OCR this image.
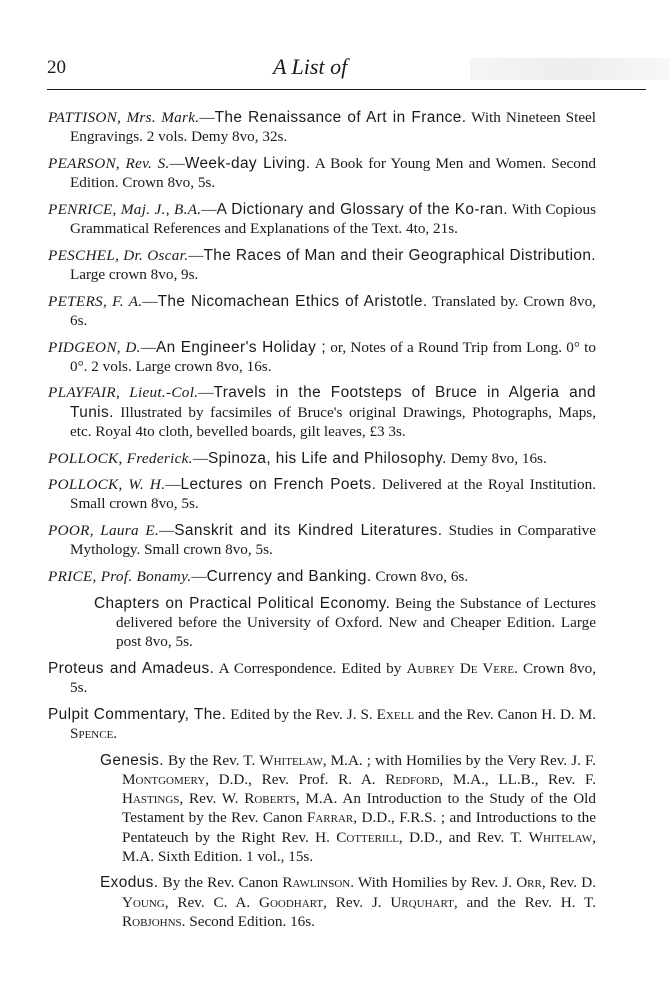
20	A List of

PATTISON, Mrs. Mark.—The Renaissance of Art in France. With Nineteen Steel Engravings. 2 vols. Demy 8vo, 32s.

PEARSON, Rev. S.—Week-day Living. A Book for Young Men and Women. Second Edition. Crown 8vo, 5s.

PENRICE, Maj. J., B.A.—A Dictionary and Glossary of the Ko-ran. With Copious Grammatical References and Explanations of the Text. 4to, 21s.

PESCHEL, Dr. Oscar.—The Races of Man and their Geographical Distribution. Large crown 8vo, 9s.

PETERS, F. A.—The Nicomachean Ethics of Aristotle. Translated by. Crown 8vo, 6s.

PIDGEON, D.—An Engineer's Holiday ; or, Notes of a Round Trip from Long. 0° to 0°. 2 vols. Large crown 8vo, 16s.

PLAYFAIR, Lieut.-Col.—Travels in the Footsteps of Bruce in Algeria and Tunis. Illustrated by facsimiles of Bruce's original Drawings, Photographs, Maps, etc. Royal 4to cloth, bevelled boards, gilt leaves, £3 3s.

POLLOCK, Frederick.—Spinoza, his Life and Philosophy. Demy 8vo, 16s.

POLLOCK, W. H.—Lectures on French Poets. Delivered at the Royal Institution. Small crown 8vo, 5s.

POOR, Laura E.—Sanskrit and its Kindred Literatures. Studies in Comparative Mythology. Small crown 8vo, 5s.

PRICE, Prof. Bonamy.—Currency and Banking. Crown 8vo, 6s.

Chapters on Practical Political Economy. Being the Substance of Lectures delivered before the University of Oxford. New and Cheaper Edition. Large post 8vo, 5s.

Proteus and Amadeus. A Correspondence. Edited by Aubrey De Vere. Crown 8vo, 5s.

Pulpit Commentary, The. Edited by the Rev. J. S. Exell and the Rev. Canon H. D. M. Spence.

Genesis. By the Rev. T. Whitelaw, M.A. ; with Homilies by the Very Rev. J. F. Montgomery, D.D., Rev. Prof. R. A. Redford, M.A., LL.B., Rev. F. Hastings, Rev. W. Roberts, M.A. An Introduction to the Study of the Old Testament by the Rev. Canon Farrar, D.D., F.R.S. ; and Introductions to the Pentateuch by the Right Rev. H. Cotterill, D.D., and Rev. T. Whitelaw, M.A. Sixth Edition. 1 vol., 15s.

Exodus. By the Rev. Canon Rawlinson. With Homilies by Rev. J. Orr, Rev. D. Young, Rev. C. A. Goodhart, Rev. J. Urquhart, and the Rev. H. T. Robjohns. Second Edition. 16s.
